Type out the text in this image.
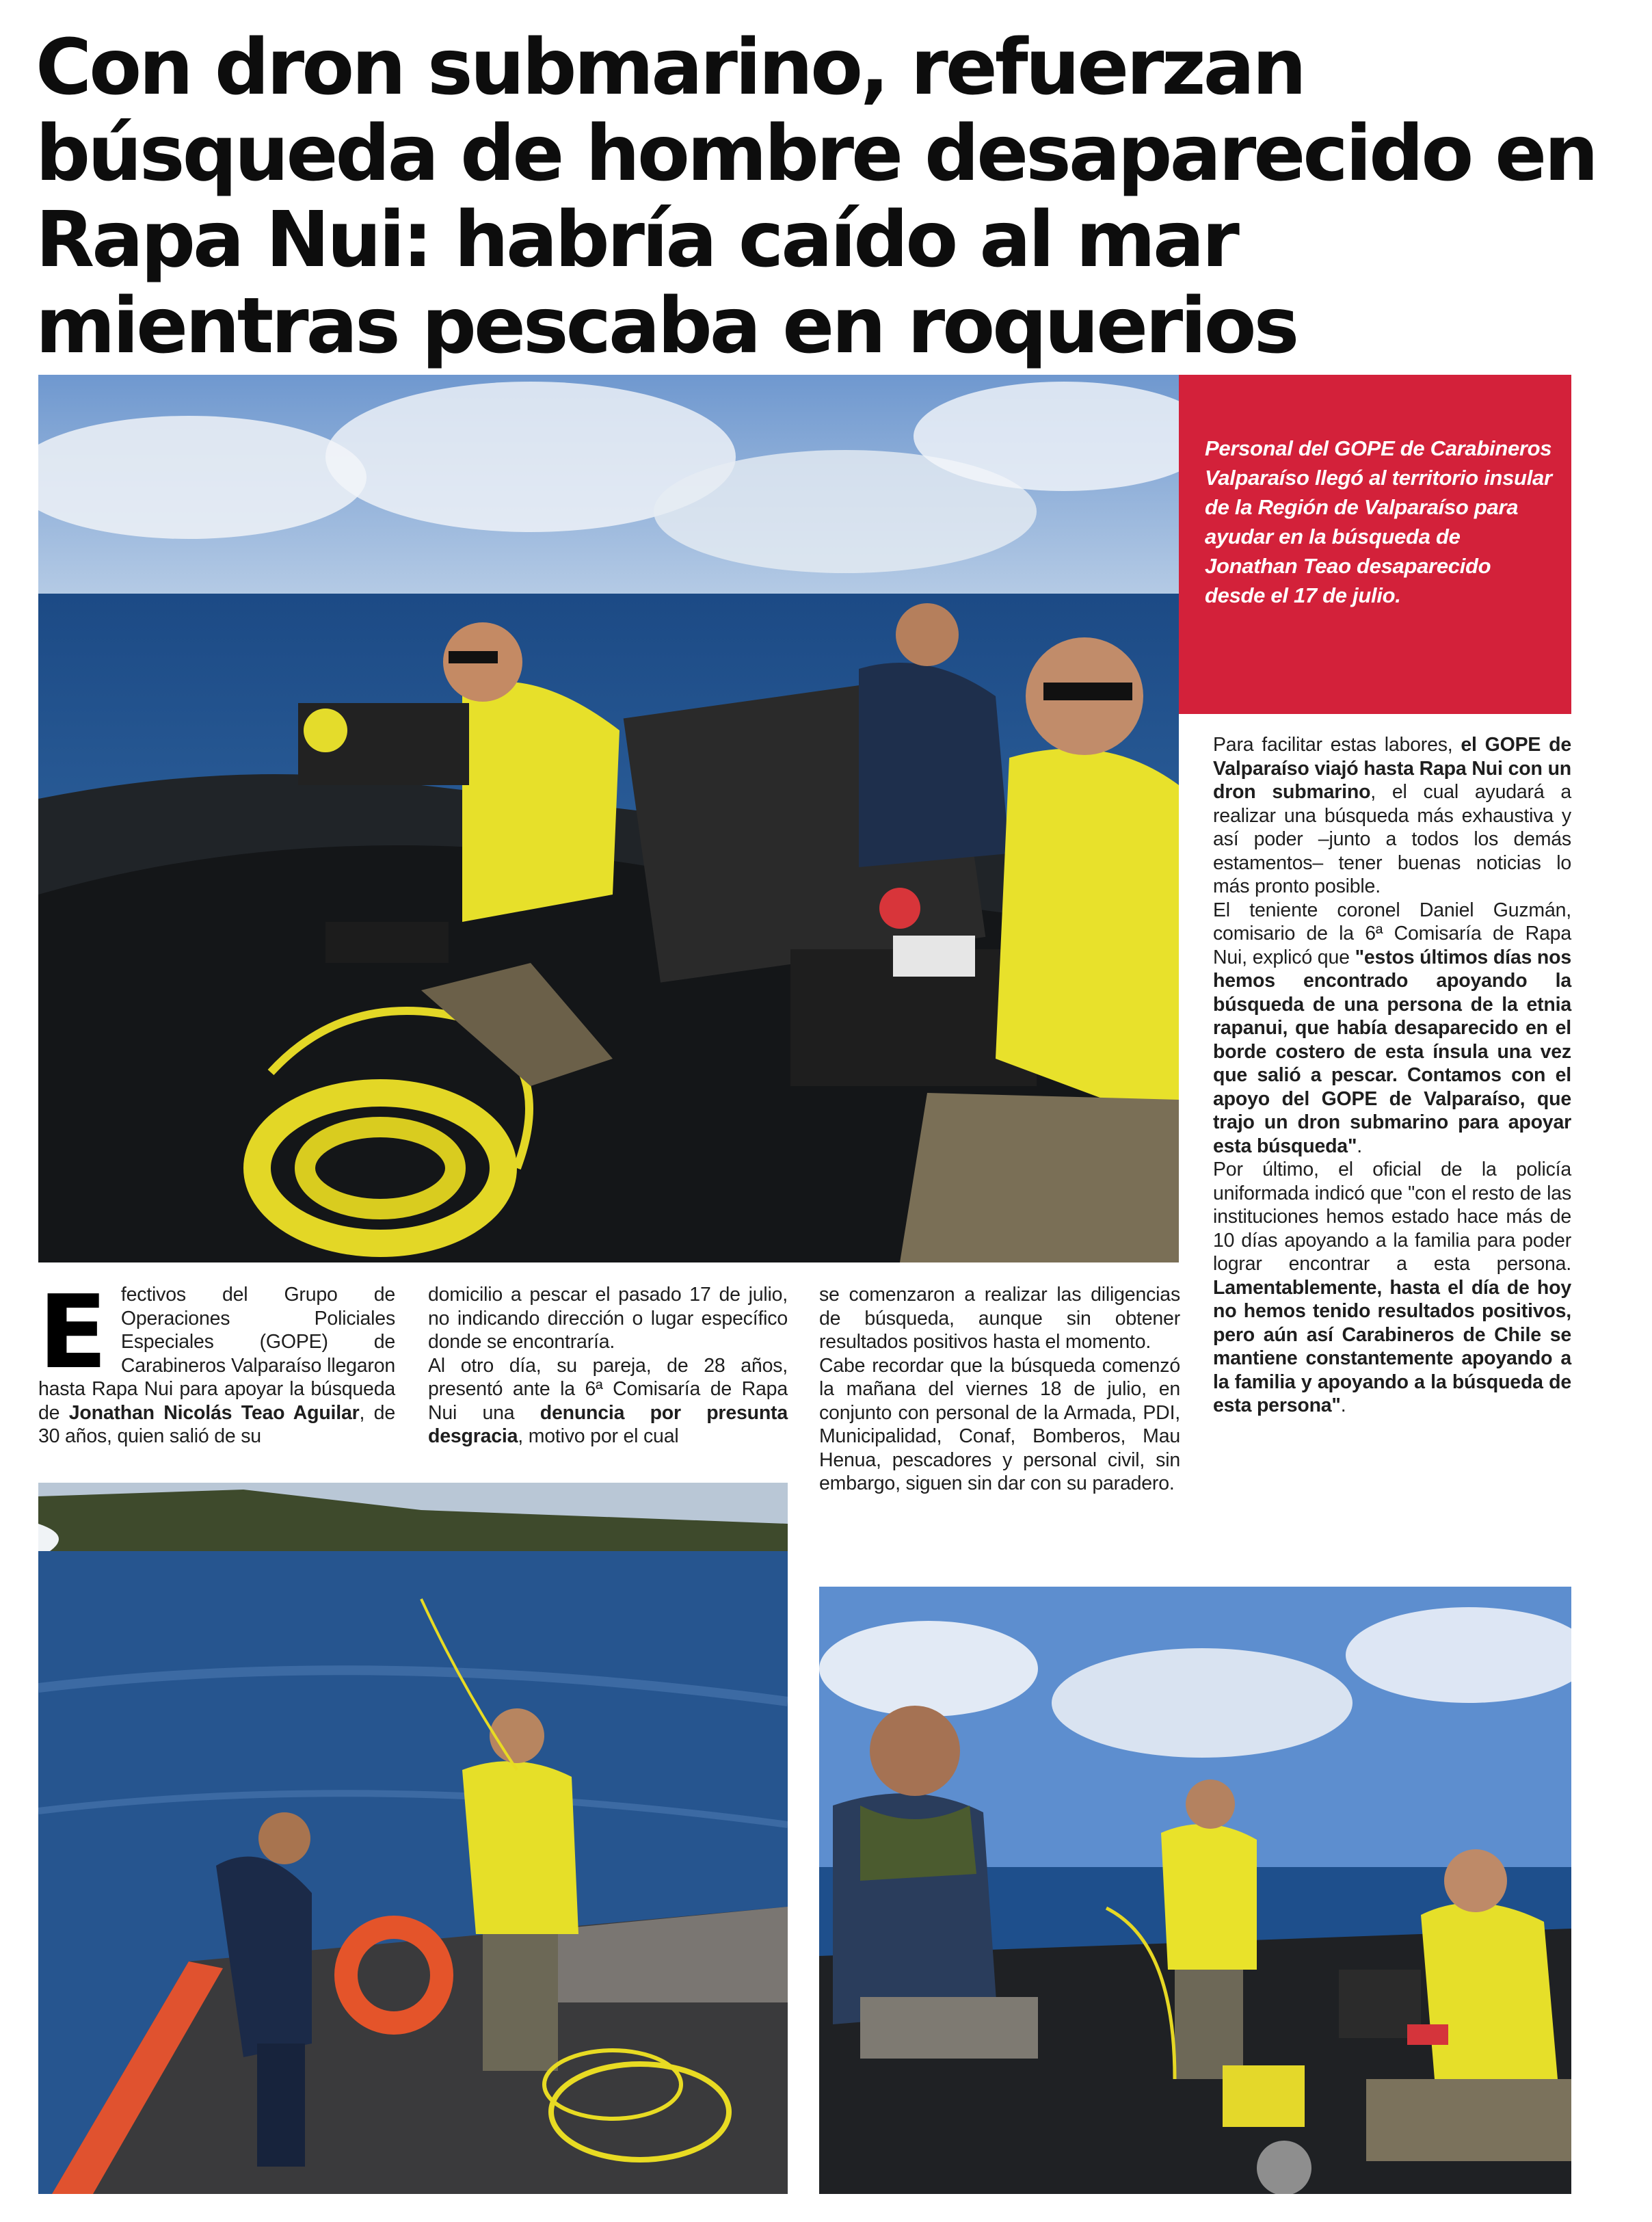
Con dron submarino, refuerzan búsqueda de hombre desaparecido en Rapa Nui: habría caído al mar mientras pescaba en roquerios
Personal del GOPE de Carabineros Valparaíso llegó al territorio insular de la Región de Valparaíso para ayudar en la búsqueda de Jonathan Teao desaparecido desde el 17 de julio.
E fectivos del Grupo de Operaciones Policiales Especiales (GOPE) de Carabineros Valparaíso llegaron hasta Rapa Nui para apoyar la búsqueda de Jonathan Nicolás Teao Aguilar, de 30 años, quien salió de su

domicilio a pescar el pasado 17 de julio, no indicando dirección o lugar específico donde se encontraría.

Al otro día, su pareja, de 28 años, presentó ante la 6ª Comisaría de Rapa Nui una denuncia por presunta desgracia, motivo por el cual

se comenzaron a realizar las diligencias de búsqueda, aunque sin obtener resultados positivos hasta el momento.

Cabe recordar que la búsqueda comenzó la mañana del viernes 18 de julio, en conjunto con personal de la Armada, PDI, Municipalidad, Conaf, Bomberos, Mau Henua, pescadores y personal civil, sin embargo, siguen sin dar con su paradero.

Para facilitar estas labores, el GOPE de Valparaíso viajó hasta Rapa Nui con un dron submarino, el cual ayudará a realizar una búsqueda más exhaustiva y así poder –junto a todos los demás estamentos– tener buenas noticias lo más pronto posible.

El teniente coronel Daniel Guzmán, comisario de la 6ª Comisaría de Rapa Nui, explicó que "estos últimos días nos hemos encontrado apoyando la búsqueda de una persona de la etnia rapanui, que había desaparecido en el borde costero de esta ínsula una vez que salió a pescar. Contamos con el apoyo del GOPE de Valparaíso, que trajo un dron submarino para apoyar esta búsqueda".

Por último, el oficial de la policía uniformada indicó que "con el resto de las instituciones hemos estado hace más de 10 días apoyando a la familia para poder lograr encontrar a esta persona. Lamentablemente, hasta el día de hoy no hemos tenido resultados positivos, pero aún así Carabineros de Chile se mantiene constantemente apoyando a la familia y apoyando a la búsqueda de esta persona".
